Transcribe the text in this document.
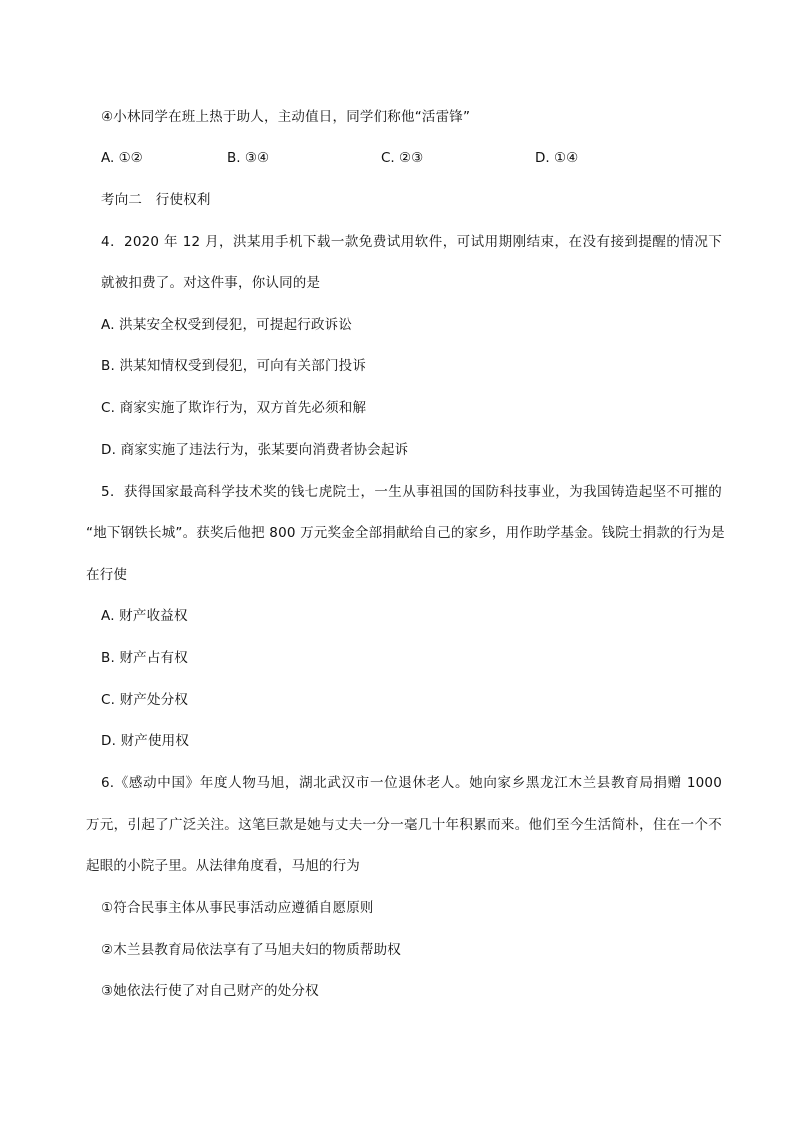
④小林同学在班上热于助人，主动值日，同学们称他“活雷锋”
A. ①②	B. ③④	C. ②③	D. ①④
考向二　行使权利
4．2020 年 12 月，洪某用手机下载一款免费试用软件，可试用期刚结束，在没有接到提醒的情况下
就被扣费了。对这件事，你认同的是
A. 洪某安全权受到侵犯，可提起行政诉讼
B. 洪某知情权受到侵犯，可向有关部门投诉
C. 商家实施了欺诈行为，双方首先必须和解
D. 商家实施了违法行为，张某要向消费者协会起诉
5．获得国家最高科学技术奖的钱七虎院士，一生从事祖国的国防科技事业，为我国铸造起坚不可摧的
“地下钢铁长城”。获奖后他把 800 万元奖金全部捐献给自己的家乡，用作助学基金。钱院士捐款的行为是
在行使
A. 财产收益权
B. 财产占有权
C. 财产处分权
D. 财产使用权
6.《感动中国》年度人物马旭，湖北武汉市一位退休老人。她向家乡黑龙江木兰县教育局捐赠 1000
万元，引起了广泛关注。这笔巨款是她与丈夫一分一毫几十年积累而来。他们至今生活简朴，住在一个不
起眼的小院子里。从法律角度看，马旭的行为
①符合民事主体从事民事活动应遵循自愿原则
②木兰县教育局依法享有了马旭夫妇的物质帮助权
③她依法行使了对自己财产的处分权
